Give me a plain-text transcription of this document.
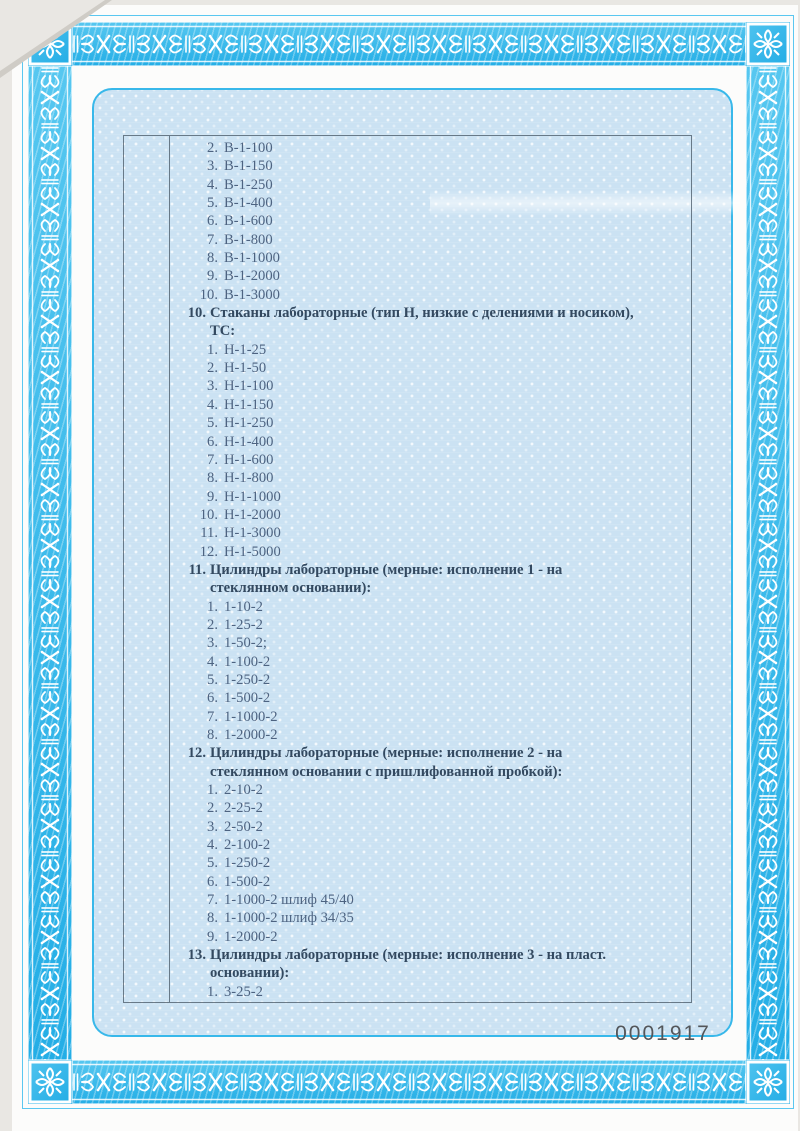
2. В-1-100
3. В-1-150
4. В-1-250
5. В-1-400
6. В-1-600
7. В-1-800
8. В-1-1000
9. В-1-2000
10. В-1-3000
10. Стаканы лабораторные (тип Н, низкие с делениями и носиком),
ТС:
1. Н-1-25
2. Н-1-50
3. Н-1-100
4. Н-1-150
5. Н-1-250
6. Н-1-400
7. Н-1-600
8. Н-1-800
9. Н-1-1000
10. Н-1-2000
11. Н-1-3000
12. Н-1-5000
11. Цилиндры лабораторные (мерные: исполнение 1 - на
стеклянном основании):
1. 1-10-2
2. 1-25-2
3. 1-50-2;
4. 1-100-2
5. 1-250-2
6. 1-500-2
7. 1-1000-2
8. 1-2000-2
12. Цилиндры лабораторные (мерные: исполнение 2 - на
стеклянном основании с пришлифованной пробкой):
1. 2-10-2
2. 2-25-2
3. 2-50-2
4. 2-100-2
5. 1-250-2
6. 1-500-2
7. 1-1000-2 шлиф 45/40
8. 1-1000-2 шлиф 34/35
9. 1-2000-2
13. Цилиндры лабораторные (мерные: исполнение 3 - на пласт.
основании):
1. 3-25-2
0001917
